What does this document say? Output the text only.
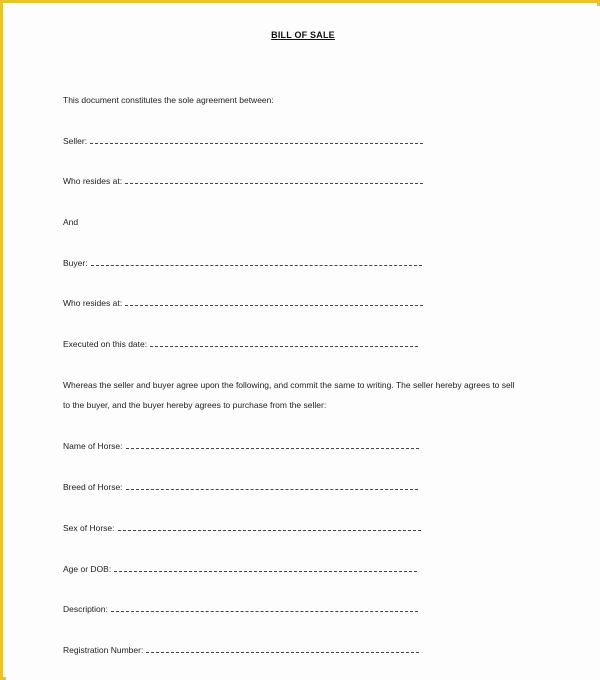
BILL OF SALE
This document constitutes the sole agreement between:
Seller:
Who resides at:
And
Buyer:
Who resides at:
Executed on this date:
Whereas the seller and buyer agree upon the following, and commit the same to writing. The seller hereby agrees to sell
to the buyer, and the buyer hereby agrees to purchase from the seller:
Name of Horse:
Breed of Horse:
Sex of Horse:
Age or DOB:
Description:
Registration Number:
